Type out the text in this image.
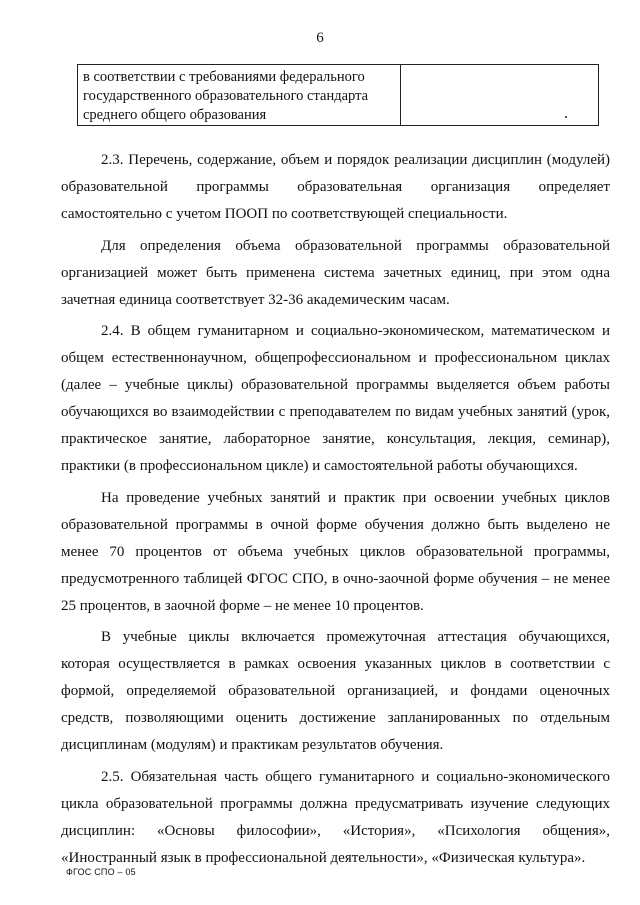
6
в соответствии с требованиями федерального
государственного образовательного стандарта
среднего общего образования

2.3. Перечень, содержание, объем и порядок реализации дисциплин (модулей) образовательной программы образовательная организация определяет самостоятельно с учетом ПООП по соответствующей специальности.

Для определения объема образовательной программы образовательной организацией может быть применена система зачетных единиц, при этом одна зачетная единица соответствует 32-36 академическим часам.

2.4. В общем гуманитарном и социально-экономическом, математическом и общем естественнонаучном, общепрофессиональном и профессиональном циклах (далее – учебные циклы) образовательной программы выделяется объем работы обучающихся во взаимодействии с преподавателем по видам учебных занятий (урок, практическое занятие, лабораторное занятие, консультация, лекция, семинар), практики (в профессиональном цикле) и самостоятельной работы обучающихся.

На проведение учебных занятий и практик при освоении учебных циклов образовательной программы в очной форме обучения должно быть выделено не менее 70 процентов от объема учебных циклов образовательной программы, предусмотренного таблицей ФГОС СПО, в очно-заочной форме обучения – не менее 25 процентов, в заочной форме – не менее 10 процентов.

В учебные циклы включается промежуточная аттестация обучающихся, которая осуществляется в рамках освоения указанных циклов в соответствии с формой, определяемой образовательной организацией, и фондами оценочных средств, позволяющими оценить достижение запланированных по отдельным дисциплинам (модулям) и практикам результатов обучения.

2.5. Обязательная часть общего гуманитарного и социально-экономического цикла образовательной программы должна предусматривать изучение следующих дисциплин: «Основы философии», «История», «Психология общения», «Иностранный язык в профессиональной деятельности», «Физическая культура».

ФГОС СПО – 05
